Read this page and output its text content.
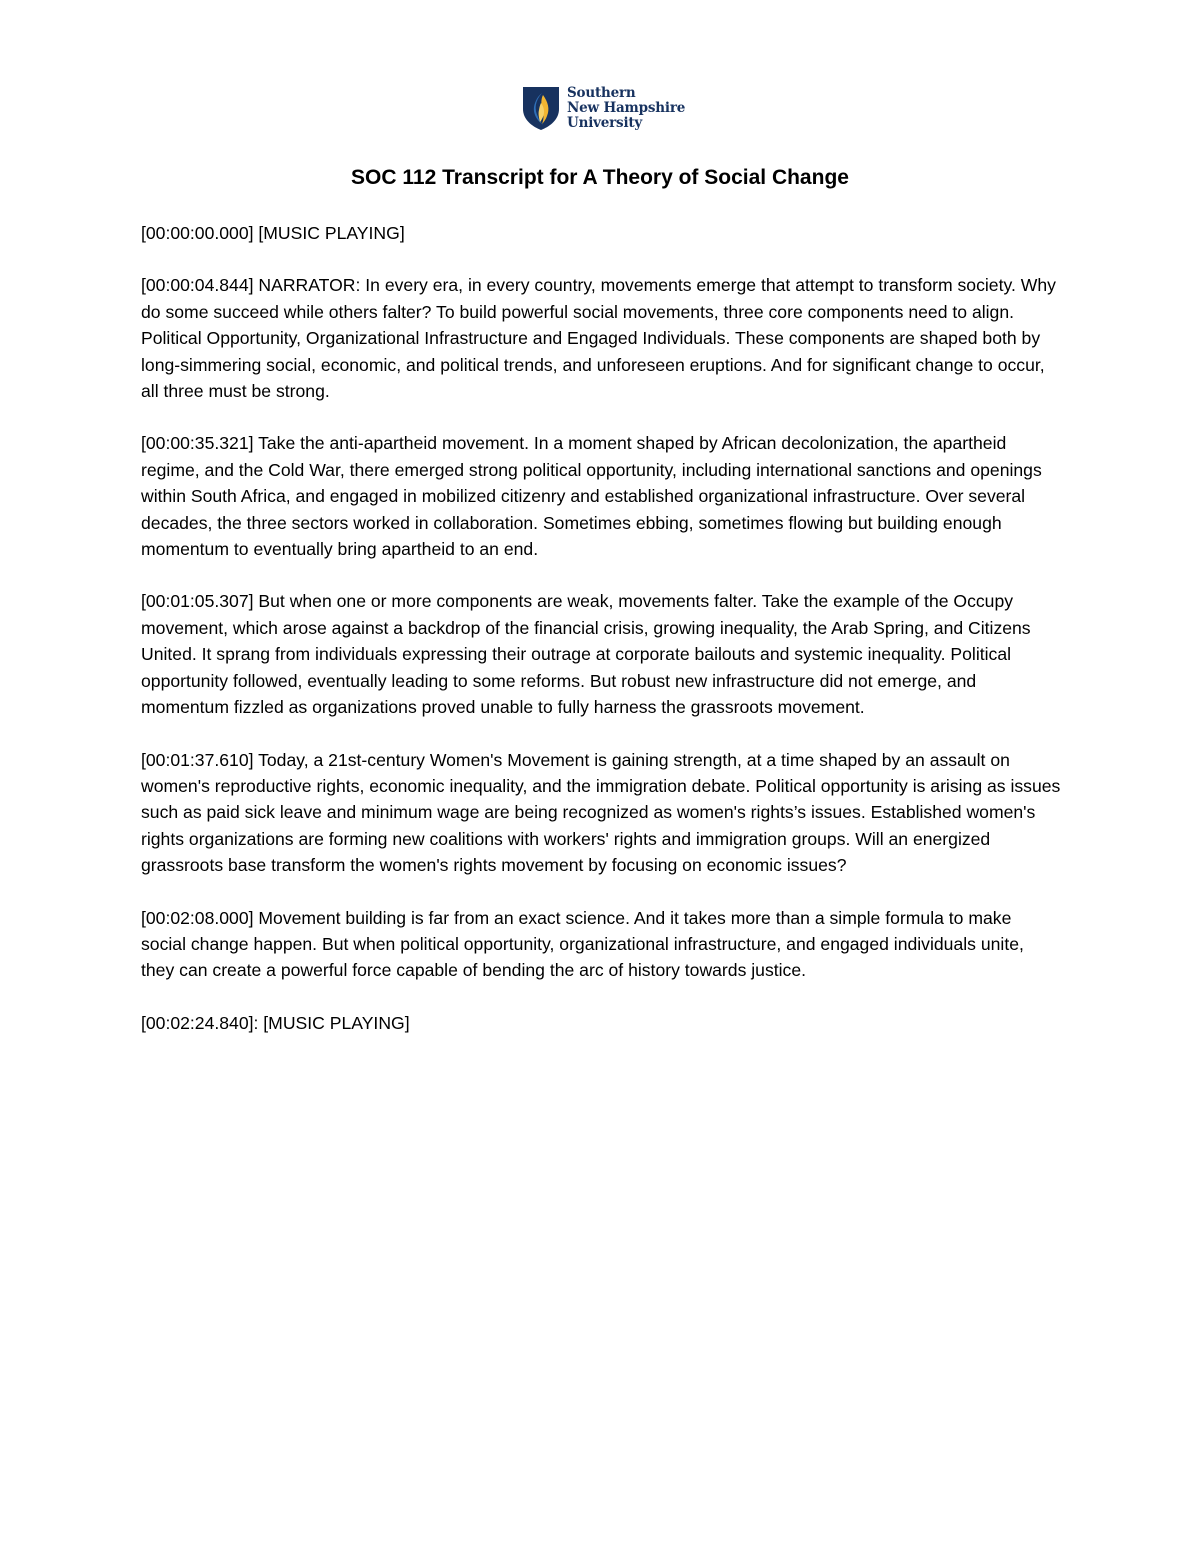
Southern
New Hampshire
University
SOC 112 Transcript for A Theory of Social Change

[00:00:00.000] [MUSIC PLAYING]

[00:00:04.844] NARRATOR: In every era, in every country, movements emerge that attempt to transform society. Why do some succeed while others falter? To build powerful social movements, three core components need to align. Political Opportunity, Organizational Infrastructure and Engaged Individuals. These components are shaped both by long-simmering social, economic, and political trends, and unforeseen eruptions. And for significant change to occur, all three must be strong.

[00:00:35.321] Take the anti-apartheid movement. In a moment shaped by African decolonization, the apartheid regime, and the Cold War, there emerged strong political opportunity, including international sanctions and openings within South Africa, and engaged in mobilized citizenry and established organizational infrastructure. Over several decades, the three sectors worked in collaboration. Sometimes ebbing, sometimes flowing but building enough momentum to eventually bring apartheid to an end.

[00:01:05.307] But when one or more components are weak, movements falter. Take the example of the Occupy movement, which arose against a backdrop of the financial crisis, growing inequality, the Arab Spring, and Citizens United. It sprang from individuals expressing their outrage at corporate bailouts and systemic inequality. Political opportunity followed, eventually leading to some reforms. But robust new infrastructure did not emerge, and momentum fizzled as organizations proved unable to fully harness the grassroots movement.

[00:01:37.610] Today, a 21st-century Women's Movement is gaining strength, at a time shaped by an assault on women's reproductive rights, economic inequality, and the immigration debate. Political opportunity is arising as issues such as paid sick leave and minimum wage are being recognized as women's rights’s issues. Established women's rights organizations are forming new coalitions with workers' rights and immigration groups. Will an energized grassroots base transform the women's rights movement by focusing on economic issues?

[00:02:08.000] Movement building is far from an exact science. And it takes more than a simple formula to make social change happen. But when political opportunity, organizational infrastructure, and engaged individuals unite, they can create a powerful force capable of bending the arc of history towards justice.

[00:02:24.840]: [MUSIC PLAYING]
